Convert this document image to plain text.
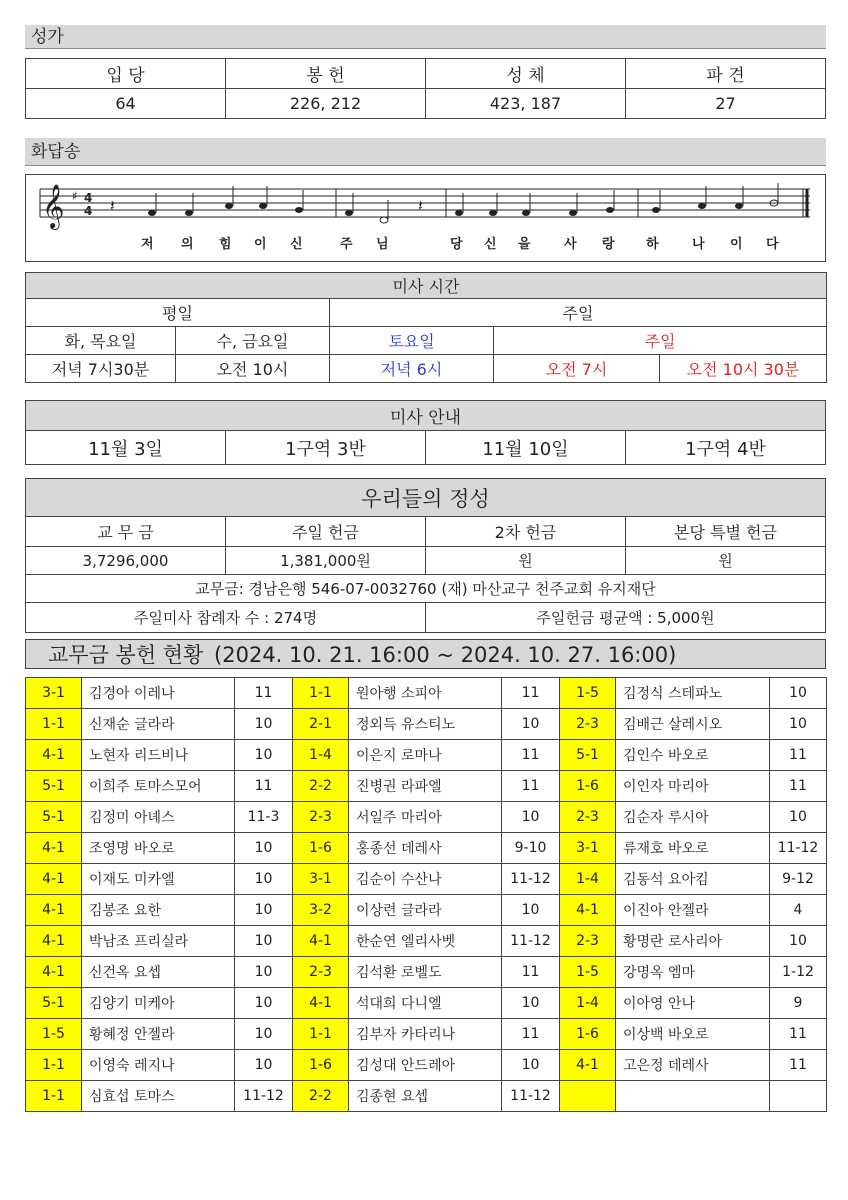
성가
입 당	봉 헌	성 체	파 견
64	226, 212	423, 187	27
화답송
𝄞 ♯ 4
4 𝄽	𝄽
저 의 힘 이 신	주 님	당 신 을	사 랑 하	나 이 다
미사 시간				
평일		주일		
화, 목요일	수, 금요일	토요일	주일	
저녁 7시30분	오전 10시	저녁 6시	오전 7시	오전 10시 30분
미사 안내
11월 3일	1구역 3반	11월 10일	1구역 4반
우리들의 정성			
교 무 금	주일 헌금	2차 헌금	본당 특별 헌금
3,7296,000	1,381,000원	원	원
교무금: 경남은행 546-07-0032760 (재) 마산교구 천주교회 유지재단			
주일미사 참례자 수 : 274명		주일헌금 평균액 : 5,000원	
교무금 봉헌 현황 (2024. 10. 21. 16:00 ~ 2024. 10. 27. 16:00)
3-1	김경아 이레나	11	1-1	원아행 소피아	11	1-5	김정식 스테파노	10
1-1	신재순 글라라	10	2-1	정외득 유스티노	10	2-3	김배근 살레시오	10
4-1	노현자 리드비나	10	1-4	이은지 로마나	11	5-1	김인수 바오로	11
5-1	이희주 토마스모어	11	2-2	진병권 라파엘	11	1-6	이인자 마리아	11
5-1	김정미 아녜스	11-3	2-3	서일주 마리아	10	2-3	김순자 루시아	10
4-1	조영명 바오로	10	1-6	홍종선 데레사	9-10	3-1	류재호 바오로	11-12
4-1	이재도 미카엘	10	3-1	김순이 수산나	11-12	1-4	김동석 요아킴	9-12
4-1	김봉조 요한	10	3-2	이상련 글라라	10	4-1	이진아 안젤라	4
4-1	박남조 프리실라	10	4-1	한순연 엘리사벳	11-12	2-3	황명란 로사리아	10
4-1	신건옥 요셉	10	2-3	김석환 로벨도	11	1-5	강명옥 엠마	1-12
5-1	김양기 미케아	10	4-1	석대희 다니엘	10	1-4	이아영 안나	9
1-5	황혜정 안젤라	10	1-1	김부자 카타리나	11	1-6	이상백 바오로	11
1-1	이영숙 레지나	10	1-6	김성대 안드레아	10	4-1	고은정 데레사	11
1-1	심효섭 토마스	11-12	2-2	김종현 요셉	11-12			
